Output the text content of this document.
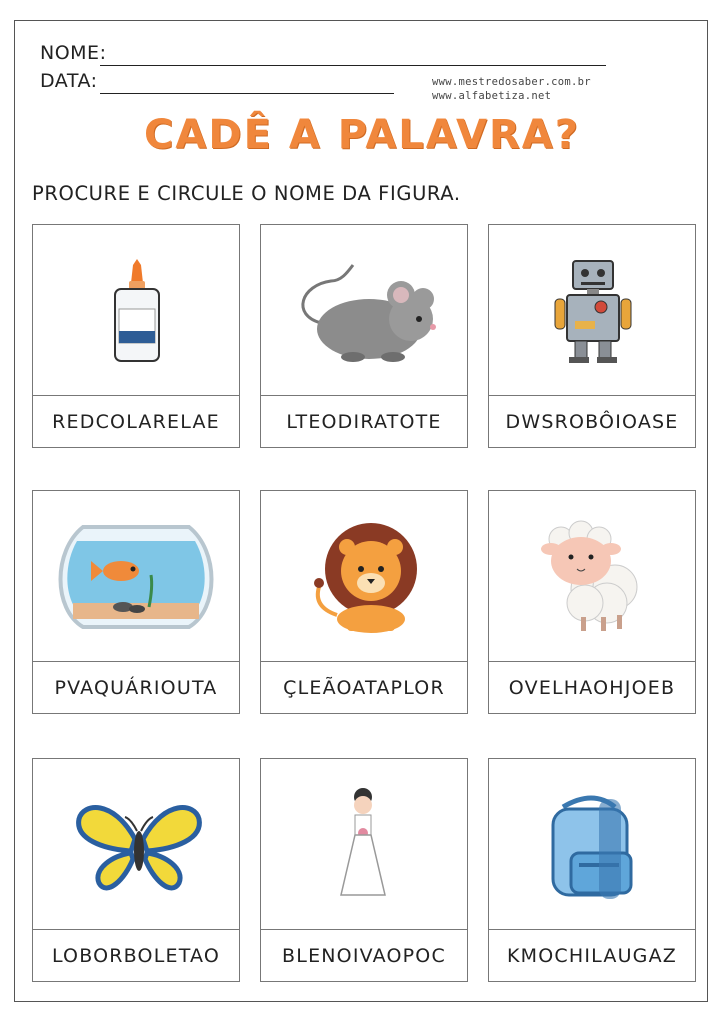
NOME:
DATA:	www.mestredosaber.com.br
www.alfabetiza.net
CADÊ A PALAVRA?
PROCURE E CIRCULE O NOME DA FIGURA.
REDCOLARELAE	LTEODIRATOTE	DWSROBÔIOASE
PVAQUÁRIOUTA	ÇLEÃOATAPLOR	OVELHAOHJOEB
LOBORBOLETAO	BLENOIVAOPOC	KMOCHILAUGAZ
